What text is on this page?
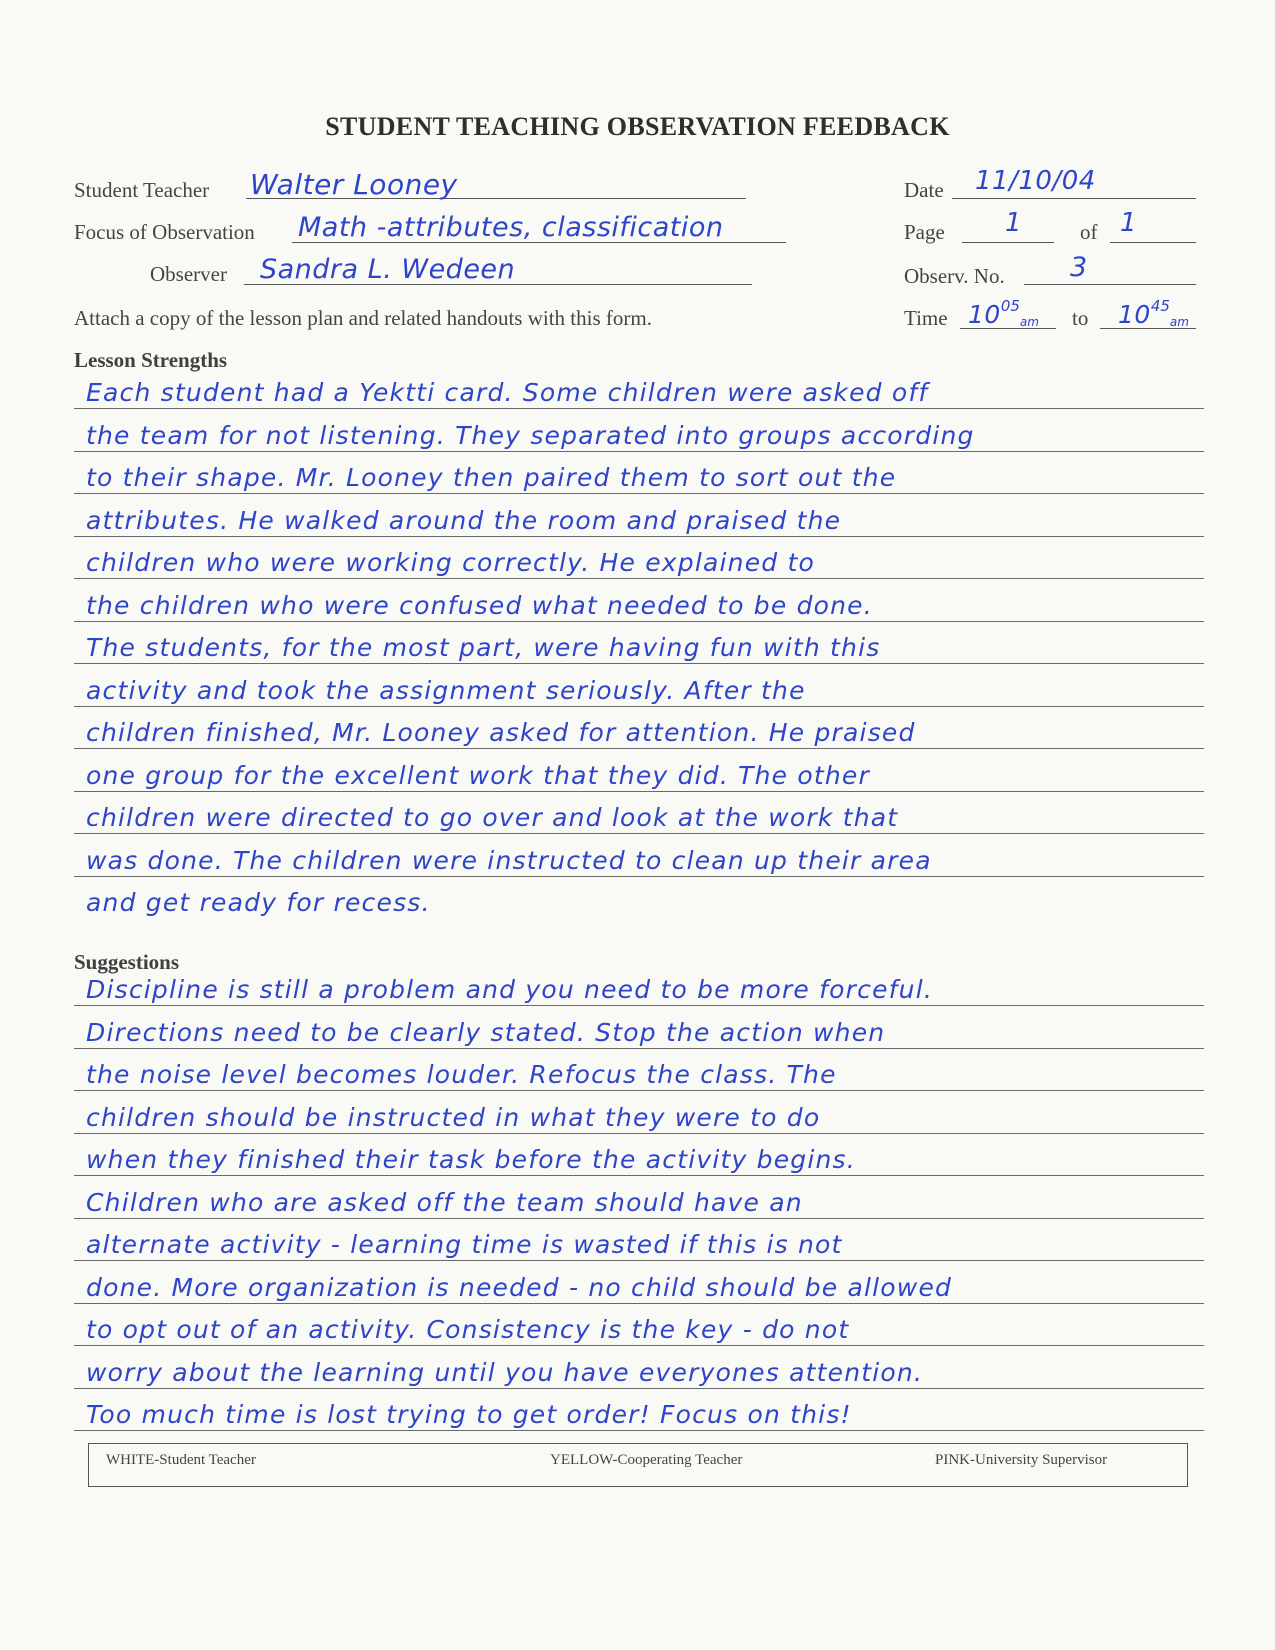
STUDENT TEACHING OBSERVATION FEEDBACK
Student Teacher Walter Looney
Focus of Observation Math -attributes, classification
Observer Sandra L. Wedeen
Attach a copy of the lesson plan and related handouts with this form.
Date 11/10/04
Page 1	of 1
Observ. No. 3
Time $10^{05}am$ to $10^{45}am$
Lesson Strengths
Each student had a Yektti card. Some children were asked off
the team for not listening. They separated into groups according
to their shape. Mr. Looney then paired them to sort out the
attributes. He walked around the room and praised the
children who were working correctly. He explained to
the children who were confused what needed to be done.
The students, for the most part, were having fun with this
activity and took the assignment seriously. After the
children finished, Mr. Looney asked for attention. He praised
one group for the excellent work that they did. The other
children were directed to go over and look at the work that
was done. The children were instructed to clean up their area
and get ready for recess.
Suggestions
Discipline is still a problem and you need to be more forceful.
Directions need to be clearly stated. Stop the action when
the noise level becomes louder. Refocus the class. The
children should be instructed in what they were to do
when they finished their task before the activity begins.
Children who are asked off the team should have an
alternate activity - learning time is wasted if this is not
done. More organization is needed - no child should be allowed
to opt out of an activity. Consistency is the key - do not
worry about the learning until you have everyones attention.
Too much time is lost trying to get order! Focus on this!
WHITE-Student Teacher	YELLOW-Cooperating Teacher	PINK-University Supervisor
